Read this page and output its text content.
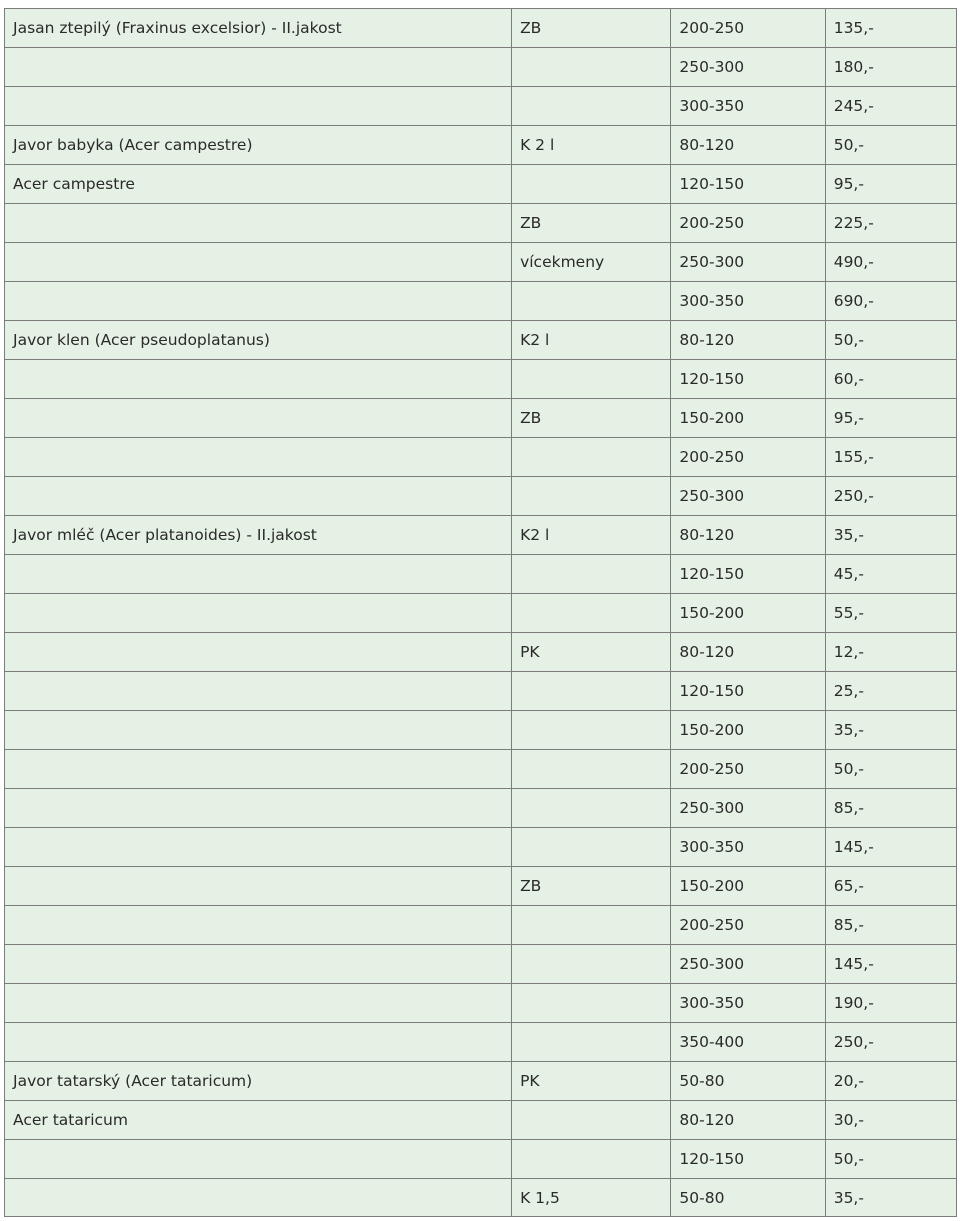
Jasan ztepilý (Fraxinus excelsior) - II.jakost	ZB	200-250	135,-
		250-300	180,-
		300-350	245,-
Javor babyka (Acer campestre)	K 2 l	80-120	50,-
Acer campestre		120-150	95,-
	ZB	200-250	225,-
	vícekmeny	250-300	490,-
		300-350	690,-
Javor klen (Acer pseudoplatanus)	K2 l	80-120	50,-
		120-150	60,-
	ZB	150-200	95,-
		200-250	155,-
		250-300	250,-
Javor mléč (Acer platanoides) - II.jakost	K2 l	80-120	35,-
		120-150	45,-
		150-200	55,-
	PK	80-120	12,-
		120-150	25,-
		150-200	35,-
		200-250	50,-
		250-300	85,-
		300-350	145,-
	ZB	150-200	65,-
		200-250	85,-
		250-300	145,-
		300-350	190,-
		350-400	250,-
Javor tatarský (Acer tataricum)	PK	50-80	20,-
Acer tataricum		80-120	30,-
		120-150	50,-
	K 1,5	50-80	35,-
